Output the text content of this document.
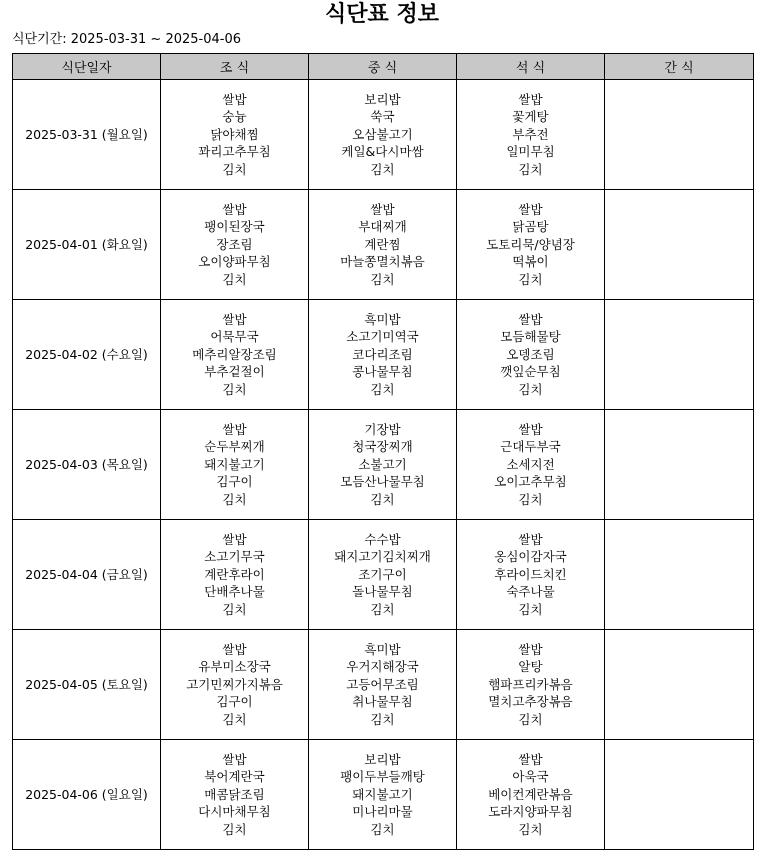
식단표 정보
식단기간: 2025-03-31 ~ 2025-04-06
식단일자	조 식	중 식	석 식	간 식
2025-03-31 (월요일)	쌀밥
숭늉
닭야채찜
꽈리고추무침
김치	보리밥
쑥국
오삼불고기
케일&다시마쌈
김치	쌀밥
꽃게탕
부추전
일미무침
김치	

2025-04-01 (화요일)	쌀밥
팽이된장국
장조림
오이양파무침
김치	쌀밥
부대찌개
계란찜
마늘쫑멸치볶음
김치	쌀밥
닭곰탕
도토리묵/양념장
떡볶이
김치	

2025-04-02 (수요일)	쌀밥
어묵무국
메추리알장조림
부추겉절이
김치	흑미밥
소고기미역국
코다리조림
콩나물무침
김치	쌀밥
모듬해물탕
오뎅조림
깻잎순무침
김치	

2025-04-03 (목요일)	쌀밥
순두부찌개
돼지불고기
김구이
김치	기장밥
청국장찌개
소불고기
모듬산나물무침
김치	쌀밥
근대두부국
소세지전
오이고추무침
김치	

2025-04-04 (금요일)	쌀밥
소고기무국
계란후라이
단배추나물
김치	수수밥
돼지고기김치찌개
조기구이
돌나물무침
김치	쌀밥
옹심이감자국
후라이드치킨
숙주나물
김치	

2025-04-05 (토요일)	쌀밥
유부미소장국
고기민찌가지볶음
김구이
김치	흑미밥
우거지해장국
고등어무조림
취나물무침
김치	쌀밥
알탕
햄파프리카볶음
멸치고추장볶음
김치	

2025-04-06 (일요일)	쌀밥
북어계란국
매콤닭조림
다시마채무침
김치	보리밥
팽이두부들깨탕
돼지불고기
미나리마물
김치	쌀밥
아욱국
베이컨계란볶음
도라지양파무침
김치	
